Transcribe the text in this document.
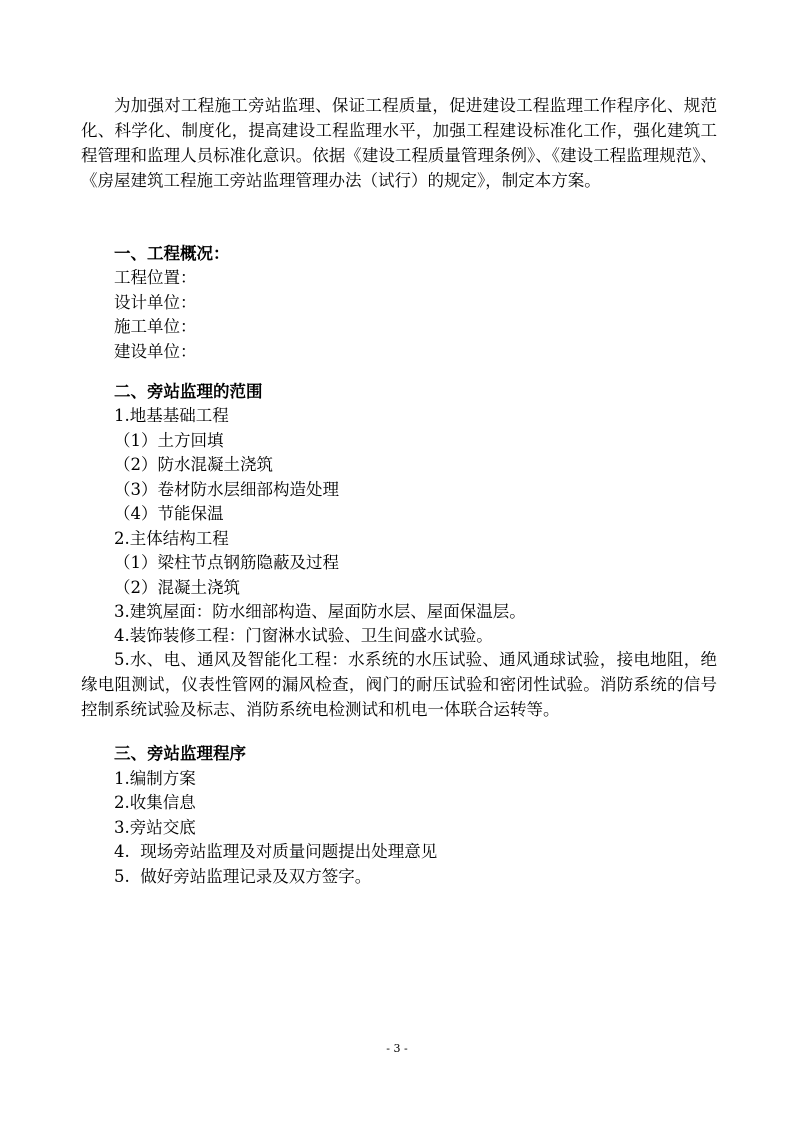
为加强对工程施工旁站监理、保证工程质量，促进建设工程监理工作程序化、规范化、科学化、制度化，提高建设工程监理水平，加强工程建设标准化工作，强化建筑工程管理和监理人员标准化意识。依据《建设工程质量管理条例》、《建设工程监理规范》、《房屋建筑工程施工旁站监理管理办法（试行）的规定》，制定本方案。
一、工程概况：
工程位置：
设计单位：
施工单位：
建设单位：
二、旁站监理的范围
1.地基基础工程
（1）土方回填
（2）防水混凝土浇筑
（3）卷材防水层细部构造处理
（4）节能保温
2.主体结构工程
（1）梁柱节点钢筋隐蔽及过程
（2）混凝土浇筑
3.建筑屋面：防水细部构造、屋面防水层、屋面保温层。
4.装饰装修工程：门窗淋水试验、卫生间盛水试验。
5.水、电、通风及智能化工程：水系统的水压试验、通风通球试验，接电地阻，绝缘电阻测试，仪表性管网的漏风检查，阀门的耐压试验和密闭性试验。消防系统的信号控制系统试验及标志、消防系统电检测试和机电一体联合运转等。
三、旁站监理程序
1.编制方案
2.收集信息
3.旁站交底
4.  现场旁站监理及对质量问题提出处理意见
5.  做好旁站监理记录及双方签字。
- 3 -
